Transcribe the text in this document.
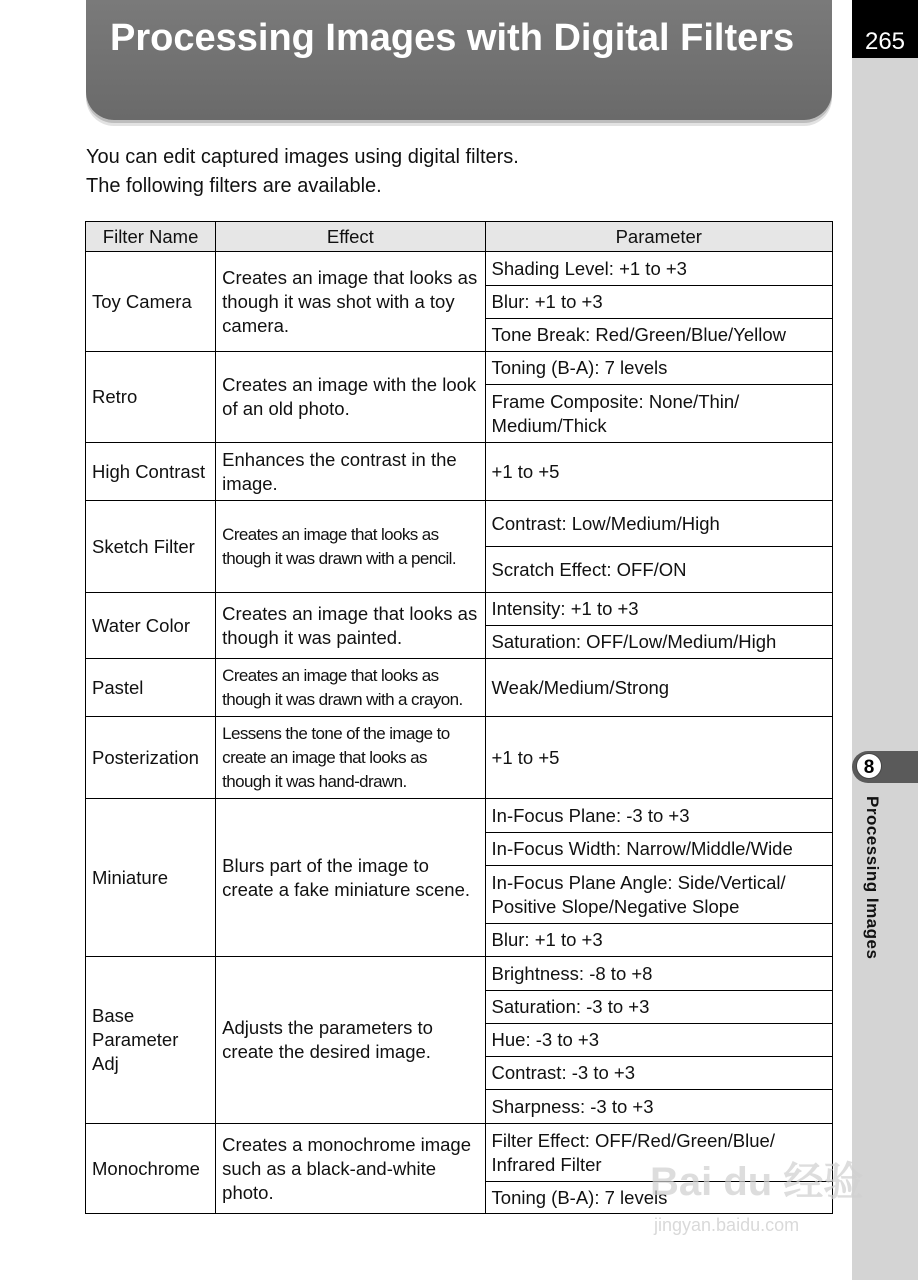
265
8
Processing Images
Processing Images with Digital Filters
You can edit captured images using digital filters.
The following filters are available.
Filter Name	Effect	Parameter
Toy Camera	Creates an image that looks as though it was shot with a toy camera.	Shading Level: +1 to +3
		Blur: +1 to +3
		Tone Break: Red/Green/Blue/Yellow
Retro	Creates an image with the look of an old photo.	Toning (B-A): 7 levels
		Frame Composite: None/Thin/ Medium/Thick
High Contrast	Enhances the contrast in the image.	+1 to +5
Sketch Filter	Creates an image that looks as though it was drawn with a pencil.	Contrast: Low/Medium/High
		Scratch Effect: OFF/ON
Water Color	Creates an image that looks as though it was painted.	Intensity: +1 to +3
		Saturation: OFF/Low/Medium/High
Pastel	Creates an image that looks as though it was drawn with a crayon.	Weak/Medium/Strong
Posterization	Lessens the tone of the image to create an image that looks as though it was hand-drawn.	+1 to +5
Miniature	Blurs part of the image to create a fake miniature scene.	In-Focus Plane: -3 to +3
		In-Focus Width: Narrow/Middle/Wide
		In-Focus Plane Angle: Side/Vertical/ Positive Slope/Negative Slope
		Blur: +1 to +3
Base Parameter Adj	Adjusts the parameters to create the desired image.	Brightness: -8 to +8
		Saturation: -3 to +3
		Hue: -3 to +3
		Contrast: -3 to +3
		Sharpness: -3 to +3
Monochrome	Creates a monochrome image such as a black-and-white photo.	Filter Effect: OFF/Red/Green/Blue/ Infrared Filter
		Toning (B-A): 7 levels
Bai du 经验
jingyan.baidu.com
